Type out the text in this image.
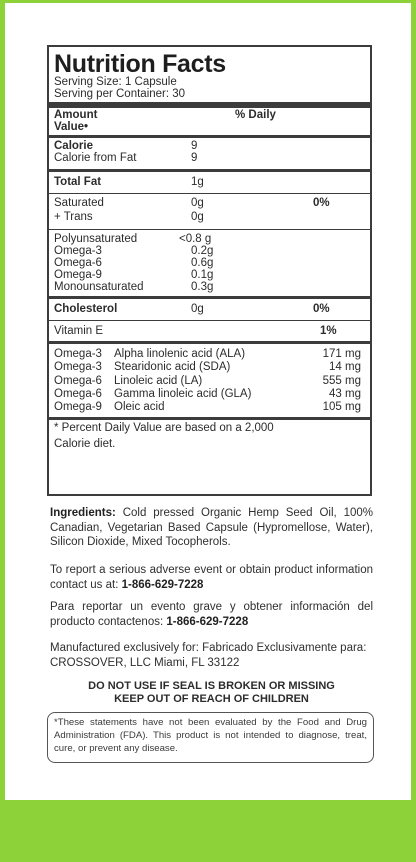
Nutrition Facts
Serving Size: 1 Capsule
Serving per Container: 30
Amount	% Daily
Value•
Calorie	9
Calorie from Fat	9
Total Fat	1g
Saturated	0g	0%
+ Trans	0g
Polyunsaturated	<0.8 g
Omega-3	0.2g
Omega-6	0.6g
Omega-9	0.1g
Monounsaturated	0.3g
Cholesterol	0g	0%
Vitamin E	1%
Omega-3 Alpha linolenic acid (ALA)	171 mg
Omega-3 Stearidonic acid (SDA)	14 mg
Omega-6 Linoleic acid (LA)	555 mg
Omega-6 Gamma linoleic acid (GLA)	43 mg
Omega-9 Oleic acid	105 mg
* Percent Daily Value are based on a 2,000
Calorie diet.
Ingredients: Cold pressed Organic Hemp Seed Oil, 100% Canadian, Vegetarian Based Capsule (Hypromellose, Water), Silicon Dioxide, Mixed Tocopherols.
To report a serious adverse event or obtain product information contact us at: 1-866-629-7228
Para reportar un evento grave y obtener información del producto contactenos: 1-866-629-7228
Manufactured exclusively for: Fabricado Exclusivamente para: CROSSOVER, LLC Miami, FL 33122
DO NOT USE IF SEAL IS BROKEN OR MISSING
KEEP OUT OF REACH OF CHILDREN
*These statements have not been evaluated by the Food and Drug Administration (FDA). This product is not intended to diagnose, treat, cure, or prevent any disease.
